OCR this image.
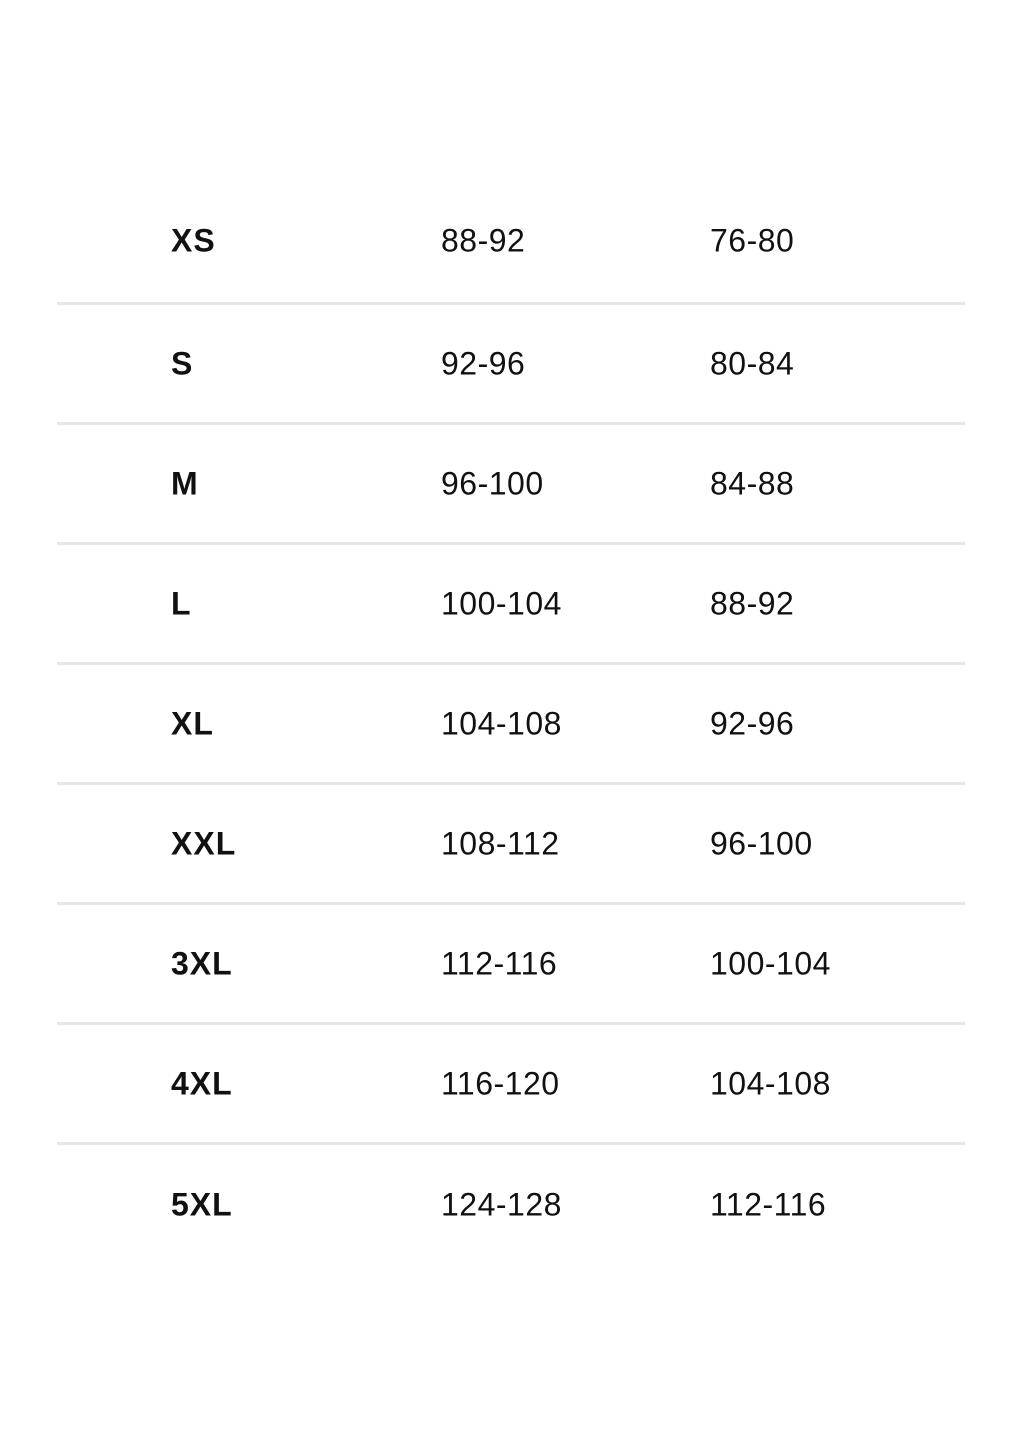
XS	88-92	76-80
S	92-96	80-84
M	96-100	84-88
L	100-104	88-92
XL	104-108	92-96
XXL	108-112	96-100
3XL	112-116	100-104
4XL	116-120	104-108
5XL	124-128	112-116
